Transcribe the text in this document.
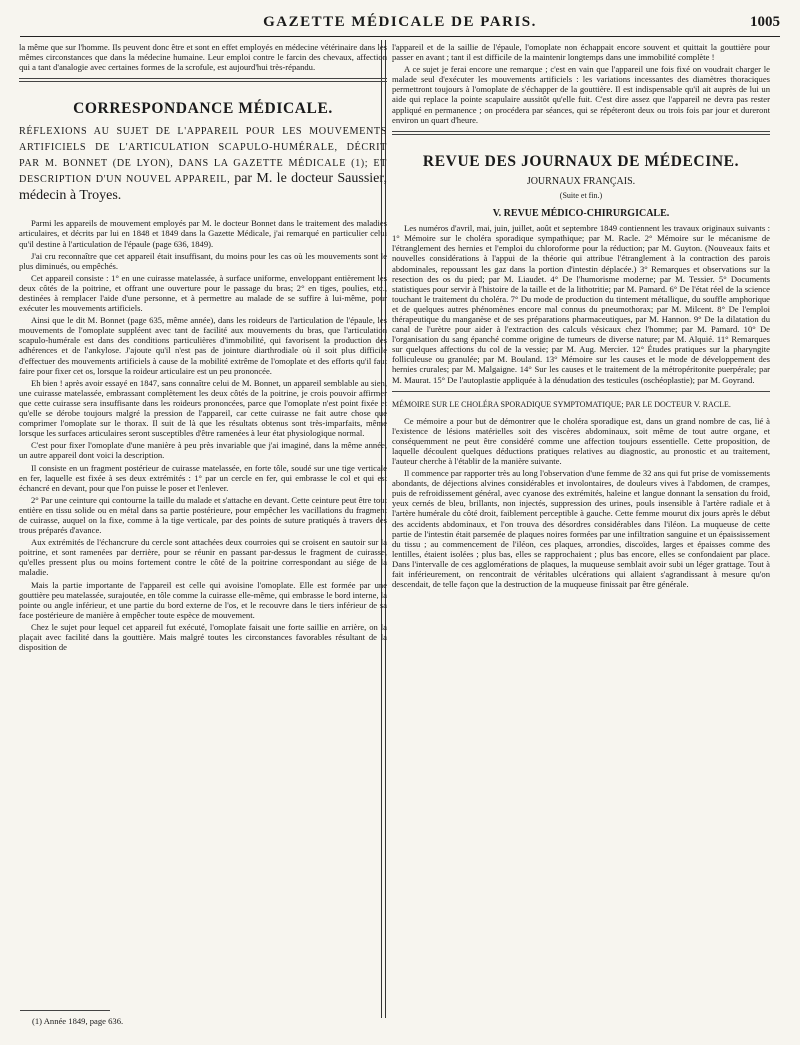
GAZETTE MÉDICALE DE PARIS.	1005

la même que sur l'homme. Ils peuvent donc être et sont en effet employés en médecine vétérinaire dans les mêmes circonstances que dans la médecine humaine. Leur emploi contre le farcin des chevaux, affection qui a tant d'analogie avec certaines formes de la scrofule, est aujourd'hui très-répandu.

CORRESPONDANCE MÉDICALE.
RÉFLEXIONS AU SUJET DE L'APPAREIL POUR LES MOUVEMENTS ARTIFICIELS DE L'ARTICULATION SCAPULO-HUMÉRALE, DÉCRIT PAR M. BONNET (DE LYON), DANS LA GAZETTE MÉDICALE (1); ET DESCRIPTION D'UN NOUVEL APPAREIL, par M. le docteur Saussier, médecin à Troyes.

Parmi les appareils de mouvement employés par M. le docteur Bonnet dans le traitement des maladies articulaires, et décrits par lui en 1848 et 1849 dans la Gazette Médicale, j'ai remarqué en particulier celui qu'il destine à l'articulation de l'épaule (page 636, 1849).

J'ai cru reconnaître que cet appareil était insuffisant, du moins pour les cas où les mouvements sont le plus diminués, ou empêchés.

Cet appareil consiste : 1° en une cuirasse matelassée, à surface uniforme, enveloppant entièrement les deux côtés de la poitrine, et offrant une ouverture pour le passage du bras; 2° en tiges, poulies, etc., destinées à remplacer l'aide d'une personne, et à permettre au malade de se suffire à lui-même, pour exécuter les mouvements artificiels.

Ainsi que le dit M. Bonnet (page 635, même année), dans les roideurs de l'articulation de l'épaule, les mouvements de l'omoplate suppléent avec tant de facilité aux mouvements du bras, que l'articulation scapulo-humérale est dans des conditions particulières d'immobilité, qui favorisent la production des adhérences et de l'ankylose. J'ajoute qu'il n'est pas de jointure diarthrodiale où il soit plus difficile d'effectuer des mouvements artificiels à cause de la mobilité extrême de l'omoplate et des efforts qu'il faut faire pour fixer cet os, lorsque la roideur articulaire est un peu prononcée.

Eh bien ! après avoir essayé en 1847, sans connaître celui de M. Bonnet, un appareil semblable au sien, une cuirasse matelassée, embrassant complètement les deux côtés de la poitrine, je crois pouvoir affirmer que cette cuirasse sera insuffisante dans les roideurs prononcées, parce que l'omoplate n'est point fixée et qu'elle se dérobe toujours malgré la pression de l'appareil, car cette cuirasse ne fait autre chose que comprimer l'omoplate sur le thorax. Il suit de là que les résultats obtenus sont très-imparfaits, même lorsque les surfaces articulaires seront susceptibles d'être ramenées à leur état physiologique normal.

C'est pour fixer l'omoplate d'une manière à peu près invariable que j'ai imaginé, dans la même année, un autre appareil dont voici la description.

Il consiste en un fragment postérieur de cuirasse matelassée, en forte tôle, soudé sur une tige verticale en fer, laquelle est fixée à ses deux extrémités : 1° par un cercle en fer, qui embrasse le col et qui est échancré en devant, pour que l'on puisse le poser et l'enlever.

2° Par une ceinture qui contourne la taille du malade et s'attache en devant. Cette ceinture peut être tout entière en tissu solide ou en métal dans sa partie postérieure, pour empêcher les vacillations du fragment de cuirasse, auquel on la fixe, comme à la tige verticale, par des points de suture pratiqués à travers des trous préparés d'avance.

Aux extrémités de l'échancrure du cercle sont attachées deux courroies qui se croisent en sautoir sur la poitrine, et sont ramenées par derrière, pour se réunir en passant par-dessus le fragment de cuirasse, qu'elles pressent plus ou moins fortement contre le côté de la poitrine correspondant au siége de la maladie.

Mais la partie importante de l'appareil est celle qui avoisine l'omoplate. Elle est formée par une gouttière peu matelassée, surajoutée, en tôle comme la cuirasse elle-même, qui embrasse le bord interne, la pointe ou angle inférieur, et une partie du bord externe de l'os, et le recouvre dans le tiers inférieur de sa face postérieure de manière à empêcher toute espèce de mouvement.

Chez le sujet pour lequel cet appareil fut exécuté, l'omoplate faisait une forte saillie en arrière, on la plaçait avec facilité dans la gouttière. Mais malgré toutes les circonstances favorables résultant de la disposition de

l'appareil et de la saillie de l'épaule, l'omoplate non échappait encore souvent et quittait la gouttière pour passer en avant ; tant il est difficile de la maintenir longtemps dans une immobilité complète !

A ce sujet je ferai encore une remarque ; c'est en vain que l'appareil une fois fixé on voudrait charger le malade seul d'exécuter les mouvements artificiels : les variations incessantes des diamètres thoraciques permettront toujours à l'omoplate de s'échapper de la gouttière. Il est indispensable qu'il ait auprès de lui un aide qui replace la pointe scapulaire aussitôt qu'elle fuit. C'est dire assez que l'appareil ne devra pas rester appliqué en permanence ; on procédera par séances, qui se répéteront deux ou trois fois par jour et dureront environ un quart d'heure.

REVUE DES JOURNAUX DE MÉDECINE.
JOURNAUX FRANÇAIS.
(Suite et fin.)
V. REVUE MÉDICO-CHIRURGICALE.

Les numéros d'avril, mai, juin, juillet, août et septembre 1849 contiennent les travaux originaux suivants : 1° Mémoire sur le choléra sporadique sympathique; par M. Racle. 2° Mémoire sur le mécanisme de l'étranglement des hernies et l'emploi du chloroforme pour la réduction; par M. Guyton. (Nouveaux faits et nouvelles considérations à l'appui de la théorie qui attribue l'étranglement à la contraction des parois abdominales, repoussant les gaz dans la portion d'intestin déplacée.) 3° Remarques et observations sur la resection des os du pied; par M. Liaudet. 4° De l'humorisme moderne; par M. Tessier. 5° Documents statistiques pour servir à l'histoire de la taille et de la lithotritie; par M. Pamard. 6° De l'état réel de la science touchant le traitement du choléra. 7° Du mode de production du tintement métallique, du souffle amphorique et de quelques autres phénomènes encore mal connus du pneumothorax; par M. Milcent. 8° De l'emploi thérapeutique du manganèse et de ses préparations pharmaceutiques, par M. Hannon. 9° De la dilatation du canal de l'urètre pour aider à l'extraction des calculs vésicaux chez l'homme; par M. Pamard. 10° De l'organisation du sang épanché comme origine de tumeurs de diverse nature; par M. Alquié. 11° Remarques sur quelques affections du col de la vessie; par M. Aug. Mercier. 12° Études pratiques sur la pharyngite folliculeuse ou granulée; par M. Bouland. 13° Mémoire sur les causes et le mode de développement des hernies crurales; par M. Malgaigne. 14° Sur les causes et le traitement de la métropéritonite puerpérale; par M. Maurat. 15° De l'autoplastie appliquée à la dénudation des testicules (oschéoplastie); par M. Goyrand.

MÉMOIRE SUR LE CHOLÉRA SPORADIQUE SYMPTOMATIQUE; PAR LE DOCTEUR V. RACLE.

Ce mémoire a pour but de démontrer que le choléra sporadique est, dans un grand nombre de cas, lié à l'existence de lésions matérielles soit des viscères abdominaux, soit même de tout autre organe, et conséquemment ne peut être considéré comme une affection toujours essentielle. Cette proposition, de laquelle découlent quelques déductions pratiques relatives au diagnostic, au pronostic et au traitement, l'auteur cherche à l'établir de la manière suivante.

Il commence par rapporter très au long l'observation d'une femme de 32 ans qui fut prise de vomissements abondants, de déjections alvines considérables et involontaires, de douleurs vives à l'abdomen, de crampes, puis de refroidissement général, avec cyanose des extrémités, haleine et langue donnant la sensation du froid, yeux cernés de bleu, brillants, non injectés, suppression des urines, pouls insensible à l'artère radiale et à l'artère humérale du côté droit, faiblement perceptible à gauche. Cette femme mourut dix jours après le début des accidents abdominaux, et l'on trouva des désordres considérables dans l'iléon. La muqueuse de cette partie de l'intestin était parsemée de plaques noires formées par une infiltration sanguine et un épaississement du tissu ; au commencement de l'iléon, ces plaques, arrondies, discoïdes, larges et épaisses comme des lentilles, étaient isolées ; plus bas, elles se rapprochaient ; plus bas encore, elles se confondaient par place. Dans l'intervalle de ces agglomérations de plaques, la muqueuse semblait avoir subi un léger grattage. Tout à fait inférieurement, on rencontrait de véritables ulcérations qui allaient s'agrandissant à mesure qu'on descendait, de telle façon que la destruction de la muqueuse finissait par être générale.

(1) Année 1849, page 636.
